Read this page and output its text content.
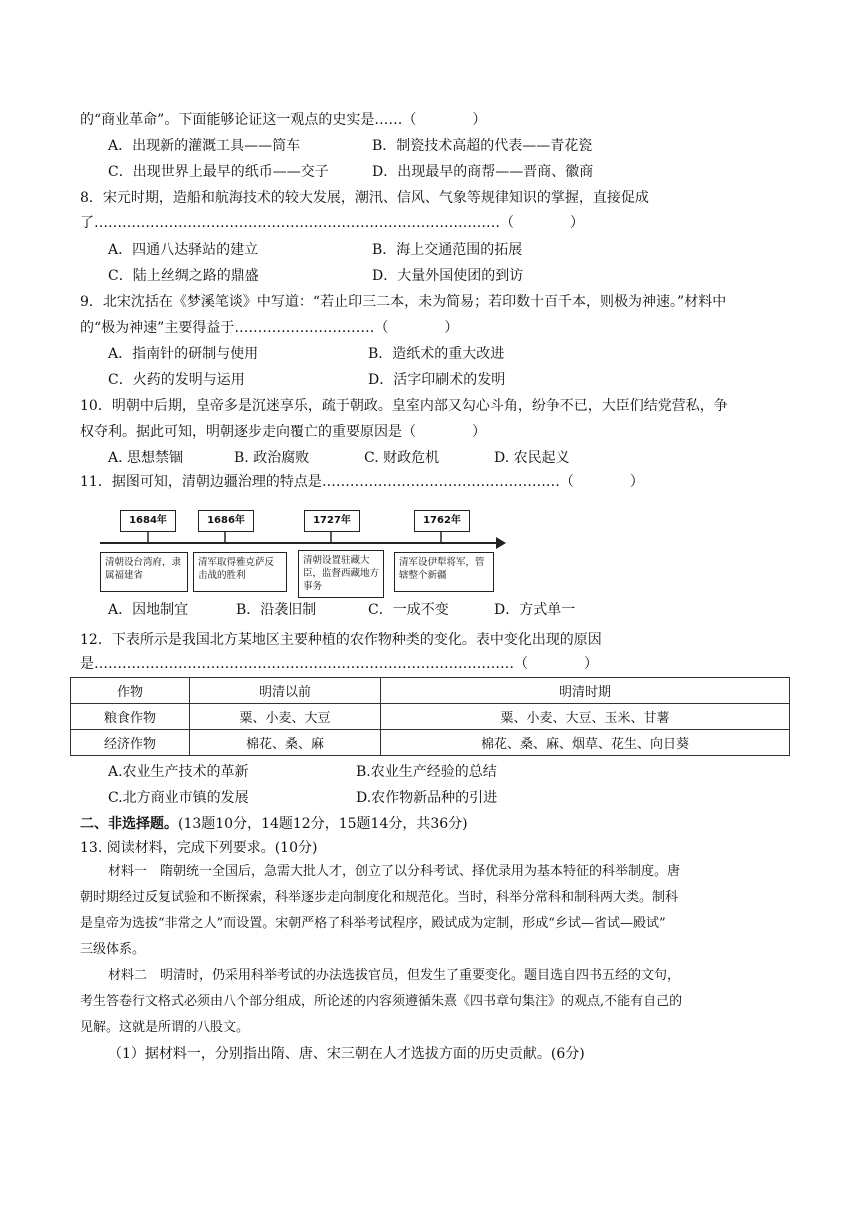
的“商业革命”。下面能够论证这一观点的史实是……（　　　　）
A．出现新的灌溉工具——筒车	B．制瓷技术高超的代表——青花瓷
C．出现世界上最早的纸币——交子	D．出现最早的商帮——晋商、徽商
8．宋元时期，造船和航海技术的较大发展，潮汛、信风、气象等规律知识的掌握，直接促成
了……………………………………………………………………………（　　　　）
A．四通八达驿站的建立	B．海上交通范围的拓展
C．陆上丝绸之路的鼎盛	D．大量外国使团的到访
9．北宋沈括在《梦溪笔谈》中写道：“若止印三二本，未为简易；若印数十百千本，则极为神速。”材料中
的“极为神速”主要得益于…………………………（　　　　）
A．指南针的研制与使用	B．造纸术的重大改进
C．火药的发明与运用	D．活字印刷术的发明
10．明朝中后期，皇帝多是沉迷享乐，疏于朝政。皇室内部又勾心斗角，纷争不已，大臣们结党营私，争
权夺利。据此可知，明朝逐步走向覆亡的重要原因是（　　　　）
A. 思想禁锢	B. 政治腐败	C. 财政危机	D. 农民起义
11．据图可知，清朝边疆治理的特点是……………………………………………（　　　　）
1684年	1686年	1727年	1762年
清朝设台湾府，隶属福建省
清军取得雅克萨反击战的胜利
清朝设置驻藏大臣，监督西藏地方事务
清军设伊犁将军，管辖整个新疆
A．因地制宜	B．沿袭旧制	C．一成不变	D．方式单一
12．下表所示是我国北方某地区主要种植的农作物种类的变化。表中变化出现的原因
是………………………………………………………………………………（　　　　）
作物	明清以前	明清时期
粮食作物	粟、小麦、大豆	粟、小麦、大豆、玉米、甘薯
经济作物	棉花、桑、麻	棉花、桑、麻、烟草、花生、向日葵
A.农业生产技术的革新	B.农业生产经验的总结
C.北方商业市镇的发展	D.农作物新品种的引进
二、非选择题。(13题10分，14题12分，15题14分，共36分)
13. 阅读材料，完成下列要求。(10分)
材料一　隋朝统一全国后，急需大批人才，创立了以分科考试、择优录用为基本特征的科举制度。唐
朝时期经过反复试验和不断探索，科举逐步走向制度化和规范化。当时，科举分常科和制科两大类。制科
是皇帝为选拔“非常之人”而设置。宋朝严格了科举考试程序，殿试成为定制，形成“乡试—省试—殿试”
三级体系。
材料二　明清时，仍采用科举考试的办法选拔官员，但发生了重要变化。题目选自四书五经的文句，
考生答卷行文格式必须由八个部分组成，所论述的内容须遵循朱熹《四书章句集注》的观点,不能有自己的
见解。这就是所谓的八股文。
（1）据材料一，分别指出隋、唐、宋三朝在人才选拔方面的历史贡献。(6分)
